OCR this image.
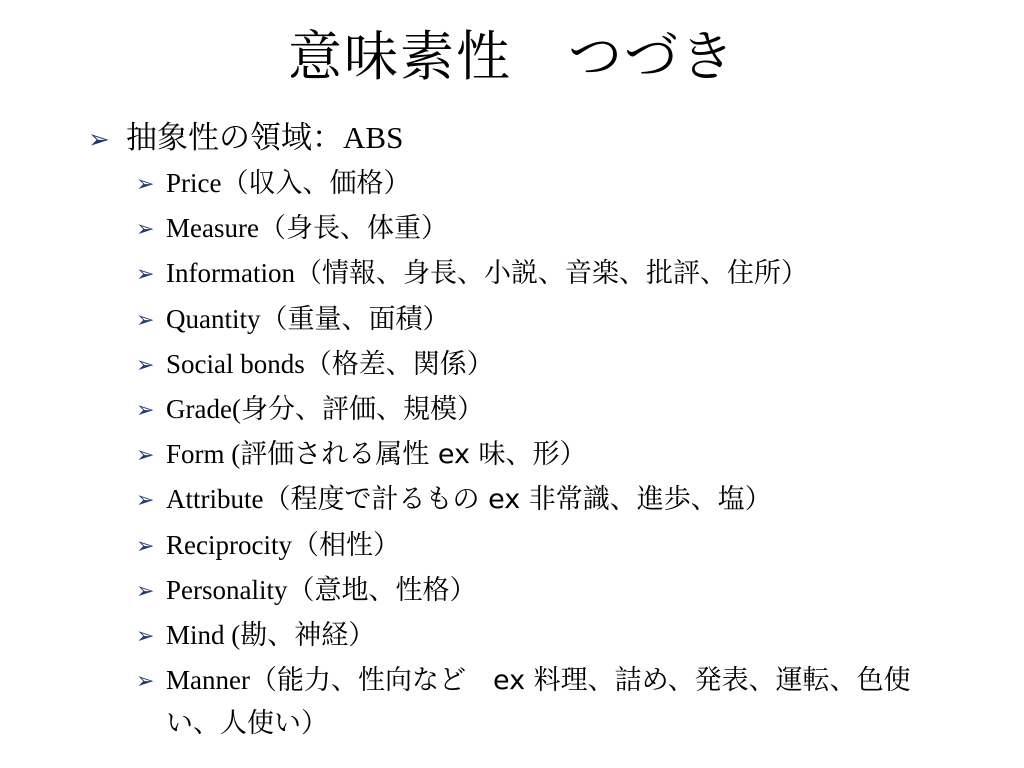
意味素性　つづき
➢ 抽象性の領域 ：ABS
➢ Price（収入、価格）
➢ Measure（身長、体重）
➢ Information（情報、身長、小説、音楽、批評、住所）
➢ Quantity（重量、面積）
➢ Social bonds（格差、関係）
➢ Grade(身分、評価、規模）
➢ Form (評価される属性 ex 味、形）
➢ Attribute（程度で計るもの ex 非常識、進歩、塩）
➢ Reciprocity（相性）
➢ Personality（意地、性格）
➢ Mind (勘、神経）
➢ Manner（能力、性向など　ex 料理、詰め、発表、運転、色使い、人使い）
